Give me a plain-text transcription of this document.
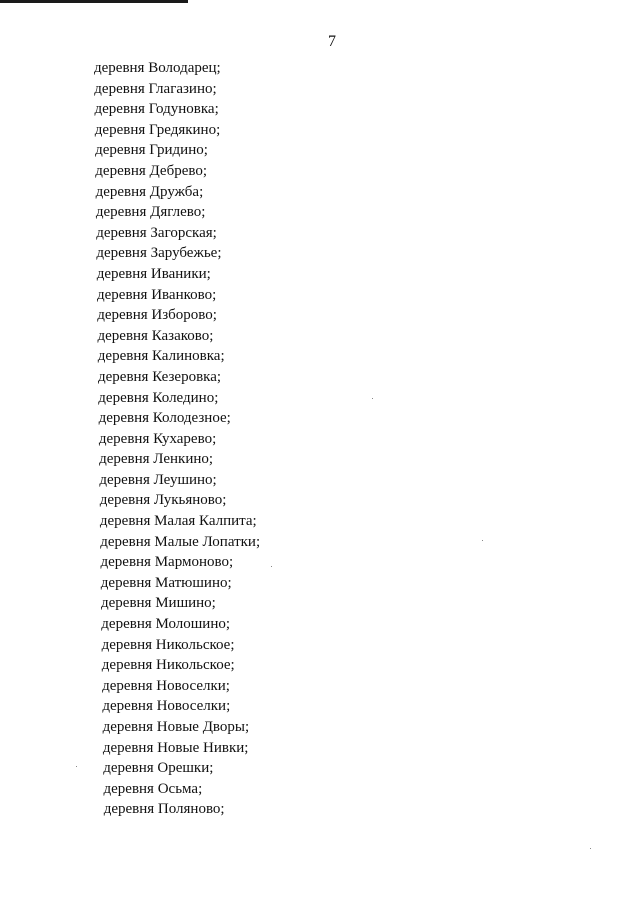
7
деревня Володарец;
деревня Глагазино;
деревня Годуновка;
деревня Гредякино;
деревня Гридино;
деревня Дебрево;
деревня Дружба;
деревня Дяглево;
деревня Загорская;
деревня Зарубежье;
деревня Иваники;
деревня Иванково;
деревня Изборово;
деревня Казаково;
деревня Калиновка;
деревня Кезеровка;
деревня Коледино;
деревня Колодезное;
деревня Кухарево;
деревня Ленкино;
деревня Леушино;
деревня Лукьяново;
деревня Малая Калпита;
деревня Малые Лопатки;
деревня Мармоново;
деревня Матюшино;
деревня Мишино;
деревня Молошино;
деревня Никольское;
деревня Никольское;
деревня Новоселки;
деревня Новоселки;
деревня Новые Дворы;
деревня Новые Нивки;
деревня Орешки;
деревня Осьма;
деревня Поляново;
